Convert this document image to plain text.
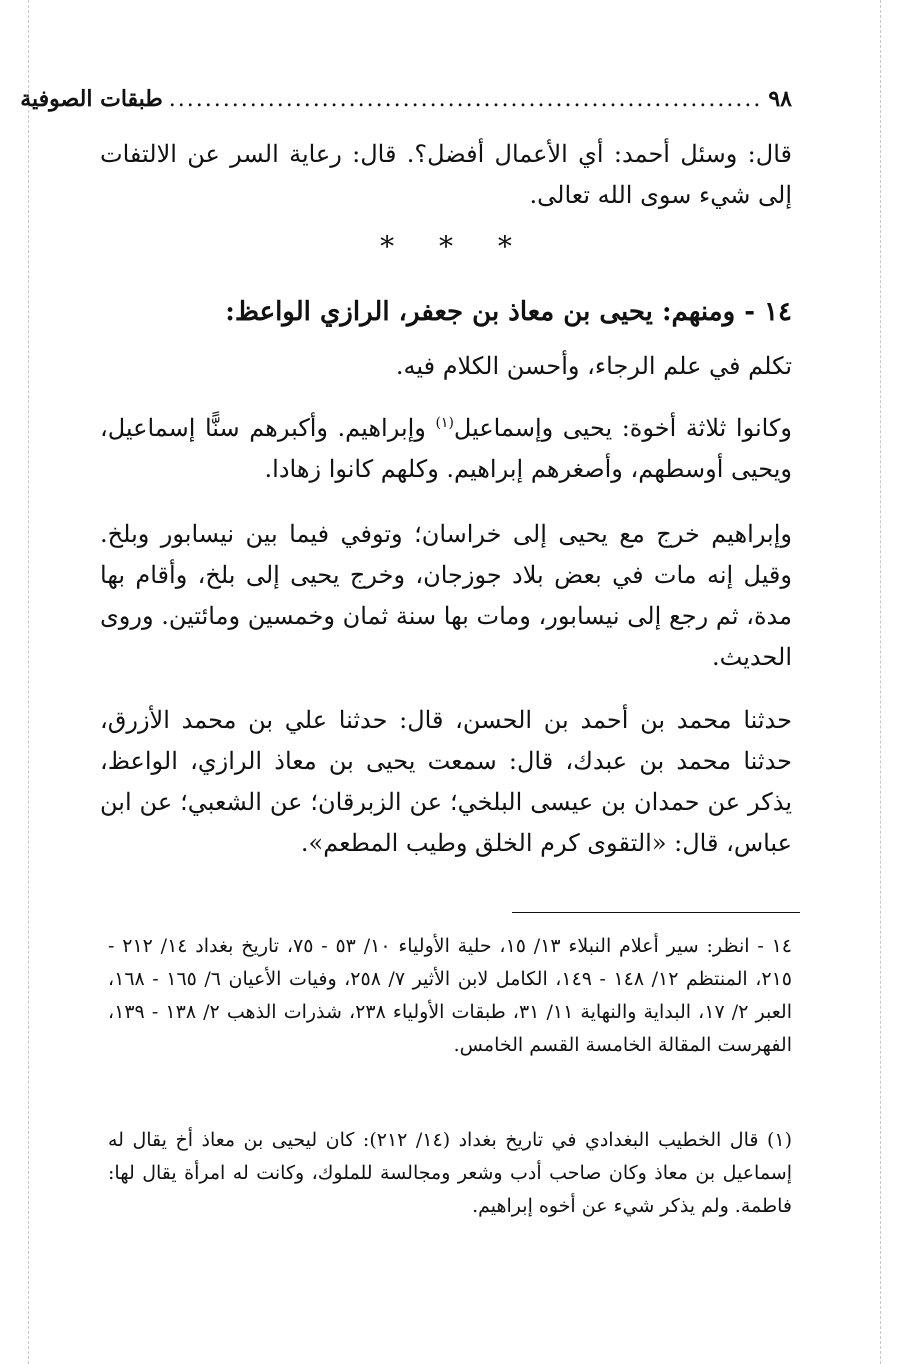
٩٨
..................................................................
طبقات الصوفية
قال: وسئل أحمد: أي الأعمال أفضل؟. قال: رعاية السر عن الالتفات إلى شيء سوى الله تعالى.
* * *
١٤ - ومنهم: يحيى بن معاذ بن جعفر، الرازي الواعظ:
تكلم في علم الرجاء، وأحسن الكلام فيه.
وكانوا ثلاثة أخوة: يحيى وإسماعيل$^{(١)}$ وإبراهيم. وأكبرهم سنًّا إسماعيل، ويحيى أوسطهم، وأصغرهم إبراهيم. وكلهم كانوا زهادا.
وإبراهيم خرج مع يحيى إلى خراسان؛ وتوفي فيما بين نيسابور وبلخ. وقيل إنه مات في بعض بلاد جوزجان، وخرج يحيى إلى بلخ، وأقام بها مدة، ثم رجع إلى نيسابور، ومات بها سنة ثمان وخمسين ومائتين. وروى الحديث.
حدثنا محمد بن أحمد بن الحسن، قال: حدثنا علي بن محمد الأزرق، حدثنا محمد بن عبدك، قال: سمعت يحيى بن معاذ الرازي، الواعظ، يذكر عن حمدان بن عيسى البلخي؛ عن الزبرقان؛ عن الشعبي؛ عن ابن عباس، قال: «التقوى كرم الخلق وطيب المطعم».
١٤ - انظر: سير أعلام النبلاء ١٣/ ١٥، حلية الأولياء ١٠/ ٥٣ - ٧٥، تاريخ بغداد ١٤/ ٢١٢ - ٢١٥، المنتظم ١٢/ ١٤٨ - ١٤٩، الكامل لابن الأثير ٧/ ٢٥٨، وفيات الأعيان ٦/ ١٦٥ - ١٦٨، العبر ٢/ ١٧، البداية والنهاية ١١/ ٣١، طبقات الأولياء ٢٣٨، شذرات الذهب ٢/ ١٣٨ - ١٣٩، الفهرست المقالة الخامسة القسم الخامس.
(١) قال الخطيب البغدادي في تاريخ بغداد (١٤/ ٢١٢): كان ليحيى بن معاذ أخ يقال له إسماعيل بن معاذ وكان صاحب أدب وشعر ومجالسة للملوك، وكانت له امرأة يقال لها: فاطمة. ولم يذكر شيء عن أخوه إبراهيم.
